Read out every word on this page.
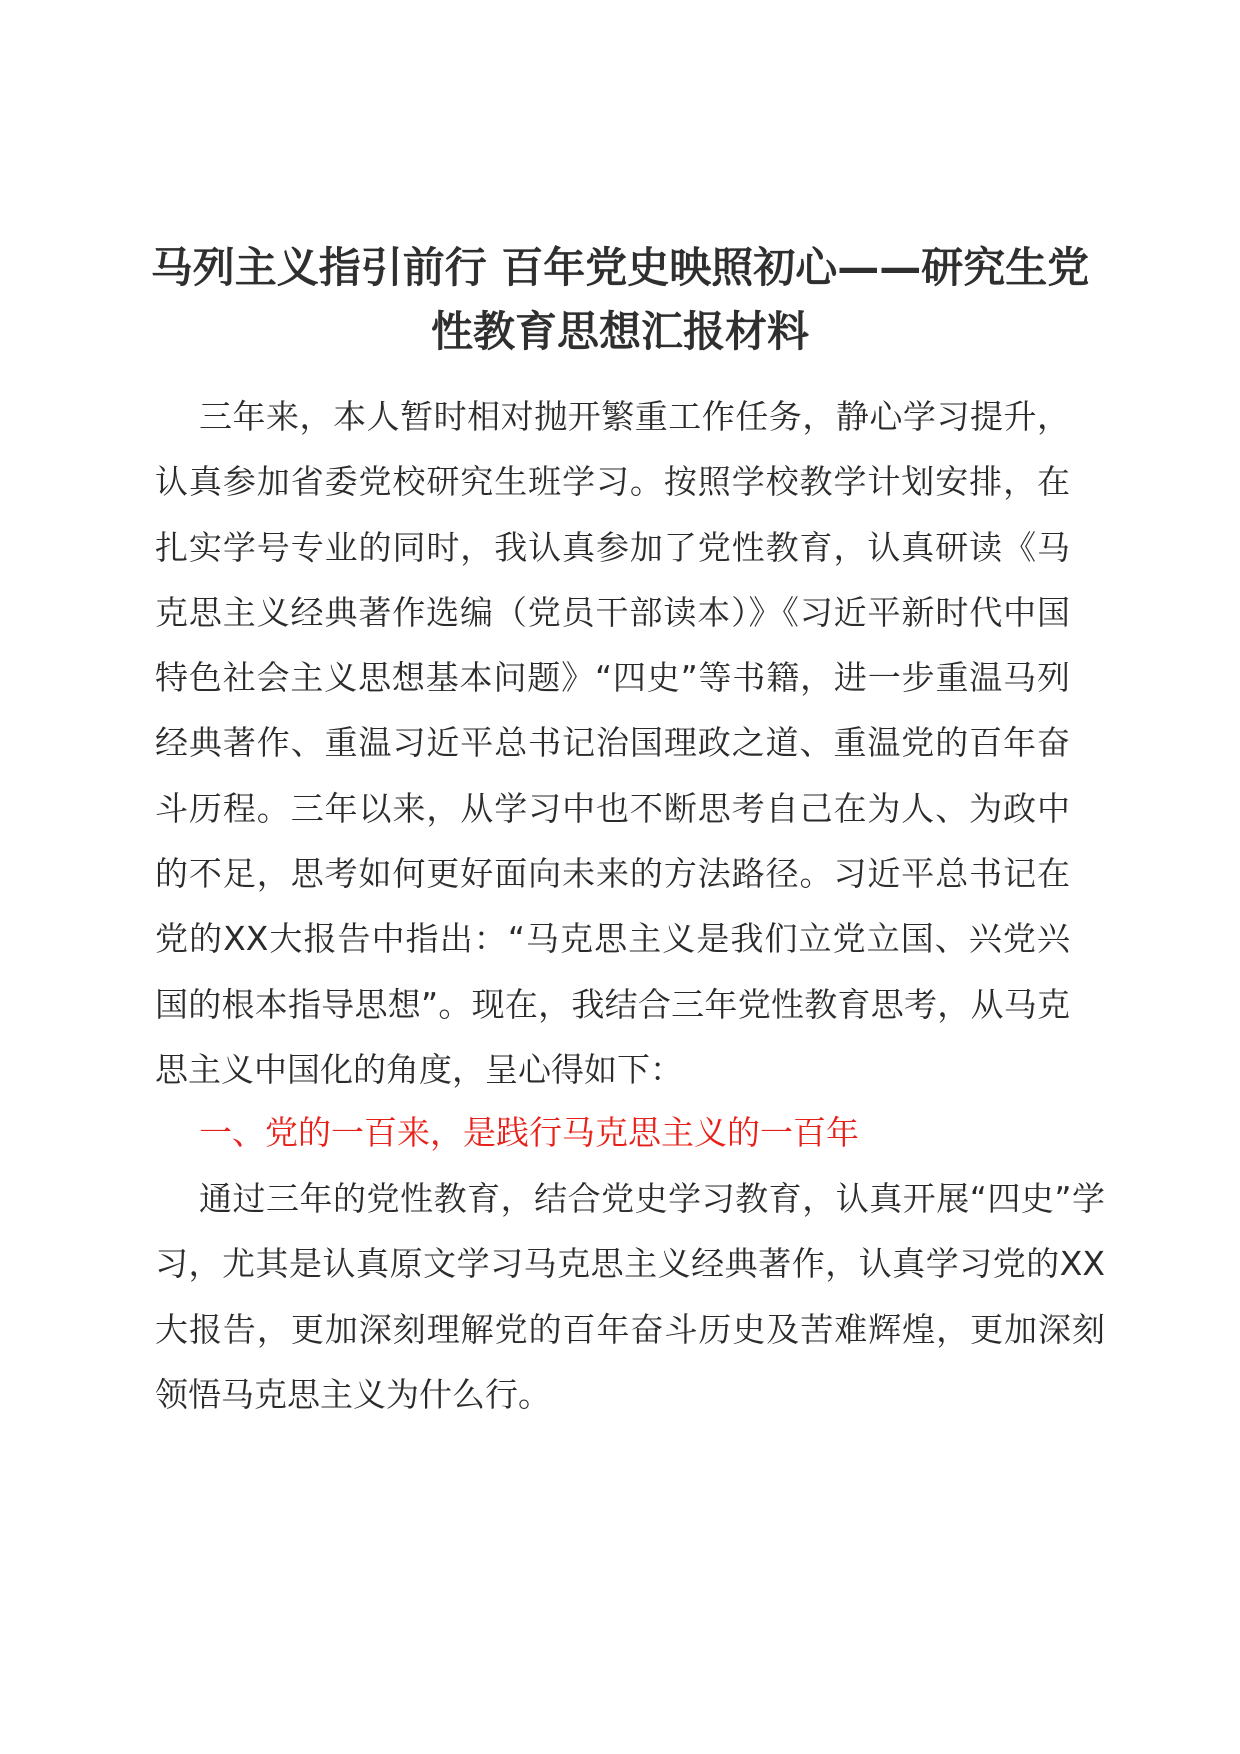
马列主义指引前行 百年党史映照初心——研究生党性教育思想汇报材料

三年来，本人暂时相对抛开繁重工作任务，静心学习提升，认真参加省委党校研究生班学习。按照学校教学计划安排，在扎实学号专业的同时，我认真参加了党性教育，认真研读《马克思主义经典著作选编（党员干部读本）》《习近平新时代中国特色社会主义思想基本问题》“四史”等书籍，进一步重温马列经典著作、重温习近平总书记治国理政之道、重温党的百年奋斗历程。三年以来，从学习中也不断思考自己在为人、为政中的不足，思考如何更好面向未来的方法路径。习近平总书记在党的XX大报告中指出：“马克思主义是我们立党立国、兴党兴国的根本指导思想”。现在，我结合三年党性教育思考，从马克思主义中国化的角度，呈心得如下：

一、党的一百来，是践行马克思主义的一百年

通过三年的党性教育，结合党史学习教育，认真开展“四史”学习，尤其是认真原文学习马克思主义经典著作，认真学习党的XX大报告，更加深刻理解党的百年奋斗历史及苦难辉煌，更加深刻领悟马克思主义为什么行。
